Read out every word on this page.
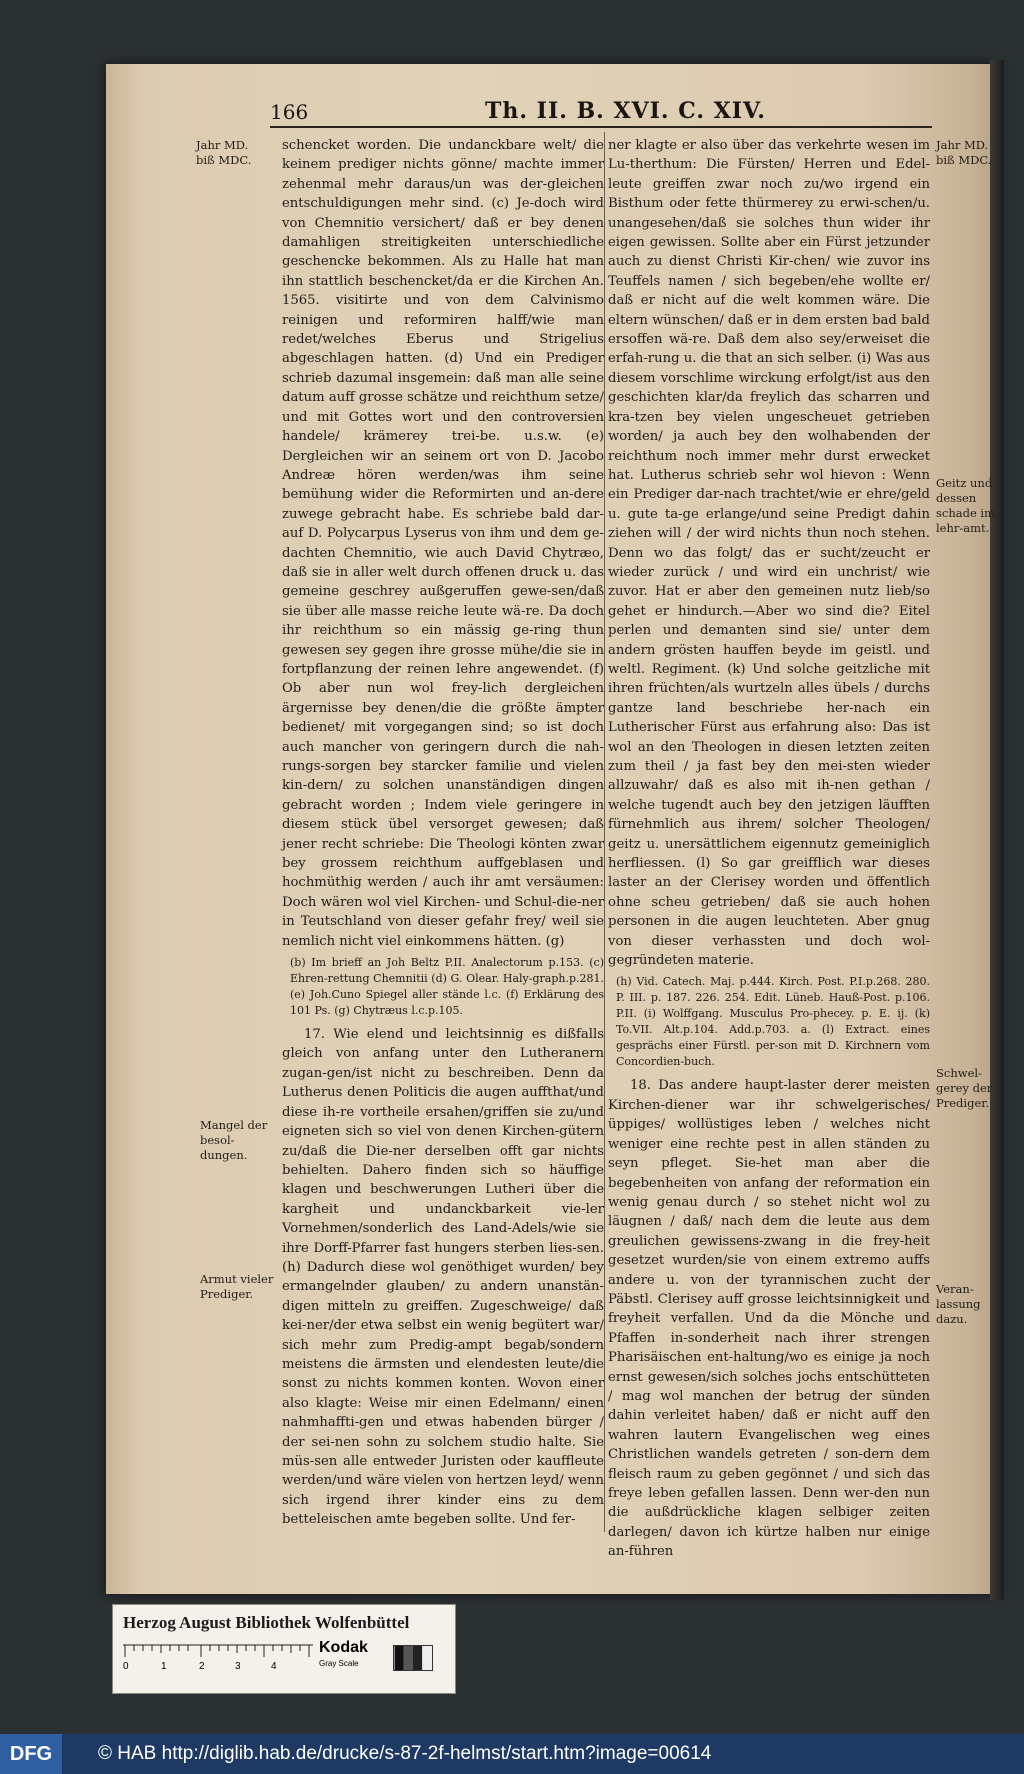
166	Th. II. B. XVI. C. XIV.
Jahr MD. biß MDC.
Jahr MD. biß MDC.
Geitz und dessen schade im lehr-amt.
Mangel der besol-dungen.
Armut vieler Prediger.
Schwel-gerey der Prediger.
Veran-lassung dazu.

schencket worden. Die undanckbare welt/ die keinem prediger nichts gönne/ machte immer zehenmal mehr daraus/un was der-gleichen entschuldigungen mehr sind. (c) Je-doch wird von Chemnitio versichert/ daß er bey denen damahligen streitigkeiten unterschiedliche geschencke bekommen. Als zu Halle hat man ihn stattlich beschencket/da er die Kirchen An. 1565. visitirte und von dem Calvinismo reinigen und reformiren halff/wie man redet/welches Eberus und Strigelius abgeschlagen hatten. (d) Und ein Prediger schrieb dazumal insgemein: daß man alle seine datum auff grosse schätze und reichthum setze/ und mit Gottes wort und den controversien handele/ krämerey trei-be. u.s.w. (e) Dergleichen wir an seinem ort von D. Jacobo Andreæ hören werden/was ihm seine bemühung wider die Reformirten und an-dere zuwege gebracht habe. Es schriebe bald dar-auf D. Polycarpus Lyserus von ihm und dem ge-dachten Chemnitio, wie auch David Chytræo, daß sie in aller welt durch offenen druck u. das gemeine geschrey außgeruffen gewe-sen/daß sie über alle masse reiche leute wä-re. Da doch ihr reichthum so ein mässig ge-ring thun gewesen sey gegen ihre grosse mühe/die sie in fortpflanzung der reinen lehre angewendet. (f) Ob aber nun wol frey-lich dergleichen ärgernisse bey denen/die die größte ämpter bedienet/ mit vorgegangen sind; so ist doch auch mancher von geringern durch die nah-rungs-sorgen bey starcker familie und vielen kin-dern/ zu solchen unanständigen dingen gebracht worden ; Indem viele geringere in diesem stück übel versorget gewesen; daß jener recht schriebe: Die Theologi könten zwar bey grossem reichthum auffgeblasen und hochmüthig werden / auch ihr amt versäumen: Doch wären wol viel Kirchen- und Schul-die-ner in Teutschland von dieser gefahr frey/ weil sie nemlich nicht viel einkommens hätten. (g)

(b) Im brieff an Joh Beltz P.II. Analectorum p.153. (c) Ehren-rettung Chemnitii (d) G. Olear. Haly-graph.p.281. (e) Joh.Cuno Spiegel aller stände l.c. (f) Erklärung des 101 Ps. (g) Chytræus l.c.p.105.

17. Wie elend und leichtsinnig es dißfalls gleich von anfang unter den Lutheranern zugan-gen/ist nicht zu beschreiben. Denn da Lutherus denen Politicis die augen auffthat/und diese ih-re vortheile ersahen/griffen sie zu/und eigneten sich so viel von denen Kirchen-gütern zu/daß die Die-ner derselben offt gar nichts behielten. Dahero finden sich so häuffige klagen und beschwerungen Lutheri über die kargheit und undanckbarkeit vie-ler Vornehmen/sonderlich des Land-Adels/wie sie ihre Dorff-Pfarrer fast hungers sterben lies-sen.(h) Dadurch diese wol genöthiget wurden/ bey ermangelnder glauben/ zu andern unanstän-digen mitteln zu greiffen. Zugeschweige/ daß kei-ner/der etwa selbst ein wenig begütert war/ sich mehr zum Predig-ampt begab/sondern meistens die ärmsten und elendesten leute/die sonst zu nichts kommen konten. Wovon einer also klagte: Weise mir einen Edelmann/ einen nahmhaffti-gen und etwas habenden bürger / der sei-nen sohn zu solchem studio halte. Sie müs-sen alle entweder Juristen oder kauffleute werden/und wäre vielen von hertzen leyd/ wenn sich irgend ihrer kinder eins zu dem betteleischen amte begeben sollte. Und fer-

ner klagte er also über das verkehrte wesen im Lu-therthum: Die Fürsten/ Herren und Edel-leute greiffen zwar noch zu/wo irgend ein Bisthum oder fette thürmerey zu erwi-schen/u. unangesehen/daß sie solches thun wider ihr eigen gewissen. Sollte aber ein Fürst jetzunder auch zu dienst Christi Kir-chen/ wie zuvor ins Teuffels namen / sich begeben/ehe wollte er/ daß er nicht auf die welt kommen wäre. Die eltern wünschen/ daß er in dem ersten bad bald ersoffen wä-re. Daß dem also sey/erweiset die erfah-rung u. die that an sich selber. (i) Was aus diesem vorschlime wirckung erfolgt/ist aus den geschichten klar/da freylich das scharren und kra-tzen bey vielen ungescheuet getrieben worden/ ja auch bey den wolhabenden der reichthum noch immer mehr durst erwecket hat. Lutherus schrieb sehr wol hievon : Wenn ein Prediger dar-nach trachtet/wie er ehre/geld u. gute ta-ge erlange/und seine Predigt dahin ziehen will / der wird nichts thun noch stehen. Denn wo das folgt/ das er sucht/zeucht er wieder zurück / und wird ein unchrist/ wie zuvor. Hat er aber den gemeinen nutz lieb/so gehet er hindurch.—Aber wo sind die? Eitel perlen und demanten sind sie/ unter dem andern grösten hauffen beyde im geistl. und weltl. Regiment. (k) Und solche geitzliche mit ihren früchten/als wurtzeln alles übels / durchs gantze land beschriebe her-nach ein Lutherischer Fürst aus erfahrung also: Das ist wol an den Theologen in diesen letzten zeiten zum theil / ja fast bey den mei-sten wieder allzuwahr/ daß es also mit ih-nen gethan / welche tugendt auch bey den jetzigen läufften fürnehmlich aus ihrem/ solcher Theologen/ geitz u. unersättlichem eigennutz gemeiniglich herfliessen. (l) So gar greifflich war dieses laster an der Clerisey worden und öffentlich ohne scheu getrieben/ daß sie auch hohen personen in die augen leuchteten. Aber gnug von dieser verhassten und doch wol-gegründeten materie.

(h) Vid. Catech. Maj. p.444. Kirch. Post. P.I.p.268. 280. P. III. p. 187. 226. 254. Edit. Lüneb. Hauß-Post. p.106. P.II. (i) Wolffgang. Musculus Pro-phecey. p. E. ij. (k) To.VII. Alt.p.104. Add.p.703. a. (l) Extract. eines gesprächs einer Fürstl. per-son mit D. Kirchnern vom Concordien-buch.

18. Das andere haupt-laster derer meisten Kirchen-diener war ihr schwelgerisches/ üppiges/ wollüstiges leben / welches nicht weniger eine rechte pest in allen ständen zu seyn pfleget. Sie-het man aber die begebenheiten von anfang der reformation ein wenig genau durch / so stehet nicht wol zu läugnen / daß/ nach dem die leute aus dem greulichen gewissens-zwang in die frey-heit gesetzet wurden/sie von einem extremo auffs andere u. von der tyrannischen zucht der Päbstl. Clerisey auff grosse leichtsinnigkeit und freyheit verfallen. Und da die Mönche und Pfaffen in-sonderheit nach ihrer strengen Pharisäischen ent-haltung/wo es einige ja noch ernst gewesen/sich solches jochs entschütteten / mag wol manchen der betrug der sünden dahin verleitet haben/ daß er nicht auff den wahren lautern Evangelischen weg eines Christlichen wandels getreten / son-dern dem fleisch raum zu geben gegönnet / und sich das freye leben gefallen lassen. Denn wer-den nun die außdrückliche klagen selbiger zeiten darlegen/ davon ich kürtze halben nur einige an-führen

Herzog August Bibliothek Wolfenbüttel
0	1	2	3	4
Kodak
Gray Scale
DFG	© HAB http://diglib.hab.de/drucke/s-87-2f-helmst/start.htm?image=00614
